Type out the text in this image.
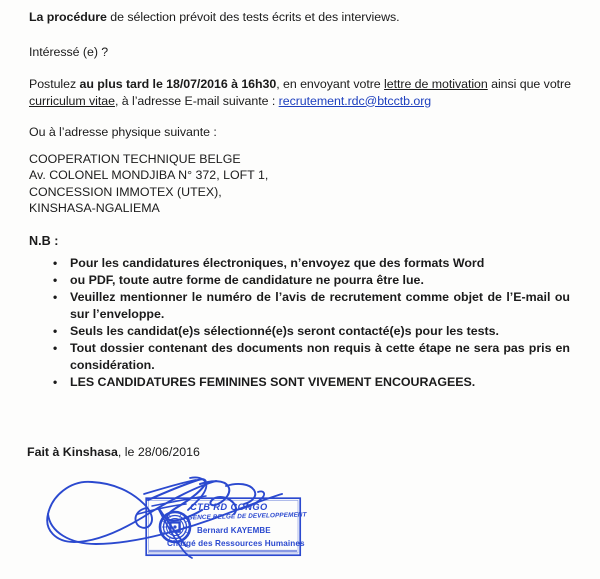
La procédure de sélection prévoit des tests écrits et des interviews.
Intéressé (e) ?
Postulez au plus tard le 18/07/2016 à 16h30, en envoyant votre lettre de motivation ainsi que votre curriculum vitae, à l’adresse E-mail suivante : recrutement.rdc@btcctb.org
Ou à l’adresse physique suivante :
COOPERATION TECHNIQUE BELGE
Av. COLONEL MONDJIBA N° 372, LOFT 1,
CONCESSION IMMOTEX (UTEX),
KINSHASA-NGALIEMA
N.B :
• Pour les candidatures électroniques, n’envoyez que des formats Word
• ou PDF, toute autre forme de candidature ne pourra être lue.
• Veuillez mentionner le numéro de l’avis de recrutement comme objet de l’E-mail ou sur l’enveloppe.
• Seuls les candidat(e)s sélectionné(e)s seront contacté(e)s pour les tests.
• Tout dossier contenant des documents non requis à cette étape ne sera pas pris en considération.
• LES CANDIDATURES FEMININES SONT VIVEMENT ENCOURAGEES.
Fait à Kinshasa, le 28/06/2016
CTB RD CONGO
AGENCE BELGE DE DEVELOPPEMENT
Bernard KAYEMBE
Chargé des Ressources Humaines
